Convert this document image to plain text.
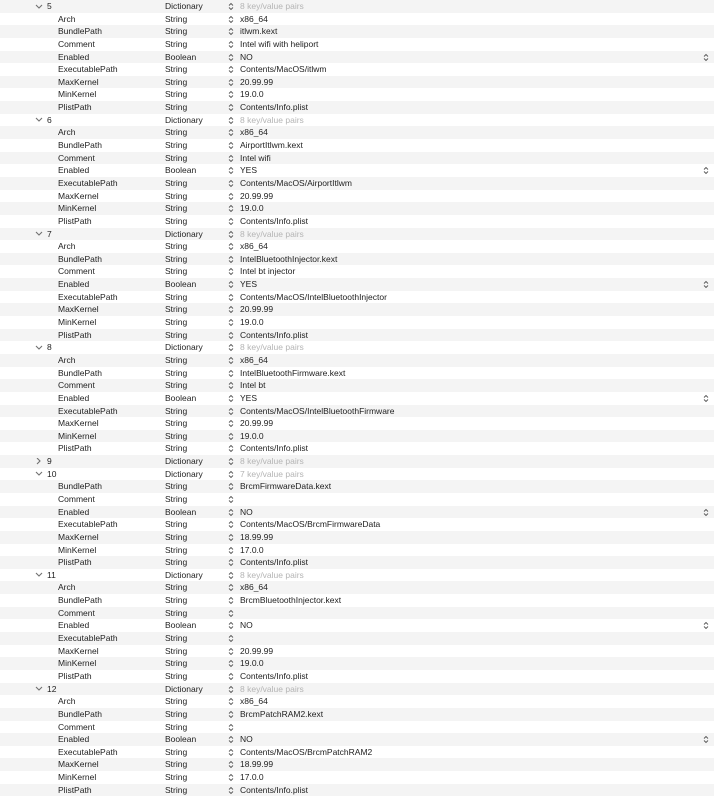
5	Dictionary	8 key/value pairs
Arch	String	x86_64
BundlePath	String	itlwm.kext
Comment	String	Intel wifi with heliport
Enabled	Boolean	NO
ExecutablePath	String	Contents/MacOS/itlwm
MaxKernel	String	20.99.99
MinKernel	String	19.0.0
PlistPath	String	Contents/Info.plist
6	Dictionary	8 key/value pairs
Arch	String	x86_64
BundlePath	String	AirportItlwm.kext
Comment	String	Intel wifi
Enabled	Boolean	YES
ExecutablePath	String	Contents/MacOS/AirportItlwm
MaxKernel	String	20.99.99
MinKernel	String	19.0.0
PlistPath	String	Contents/Info.plist
7	Dictionary	8 key/value pairs
Arch	String	x86_64
BundlePath	String	IntelBluetoothInjector.kext
Comment	String	Intel bt injector
Enabled	Boolean	YES
ExecutablePath	String	Contents/MacOS/IntelBluetoothInjector
MaxKernel	String	20.99.99
MinKernel	String	19.0.0
PlistPath	String	Contents/Info.plist
8	Dictionary	8 key/value pairs
Arch	String	x86_64
BundlePath	String	IntelBluetoothFirmware.kext
Comment	String	Intel bt
Enabled	Boolean	YES
ExecutablePath	String	Contents/MacOS/IntelBluetoothFirmware
MaxKernel	String	20.99.99
MinKernel	String	19.0.0
PlistPath	String	Contents/Info.plist
9	Dictionary	8 key/value pairs
10	Dictionary	7 key/value pairs
BundlePath	String	BrcmFirmwareData.kext
Comment	String
Enabled	Boolean	NO
ExecutablePath	String	Contents/MacOS/BrcmFirmwareData
MaxKernel	String	18.99.99
MinKernel	String	17.0.0
PlistPath	String	Contents/Info.plist
11	Dictionary	8 key/value pairs
Arch	String	x86_64
BundlePath	String	BrcmBluetoothInjector.kext
Comment	String
Enabled	Boolean	NO
ExecutablePath	String
MaxKernel	String	20.99.99
MinKernel	String	19.0.0
PlistPath	String	Contents/Info.plist
12	Dictionary	8 key/value pairs
Arch	String	x86_64
BundlePath	String	BrcmPatchRAM2.kext
Comment	String
Enabled	Boolean	NO
ExecutablePath	String	Contents/MacOS/BrcmPatchRAM2
MaxKernel	String	18.99.99
MinKernel	String	17.0.0
PlistPath	String	Contents/Info.plist
